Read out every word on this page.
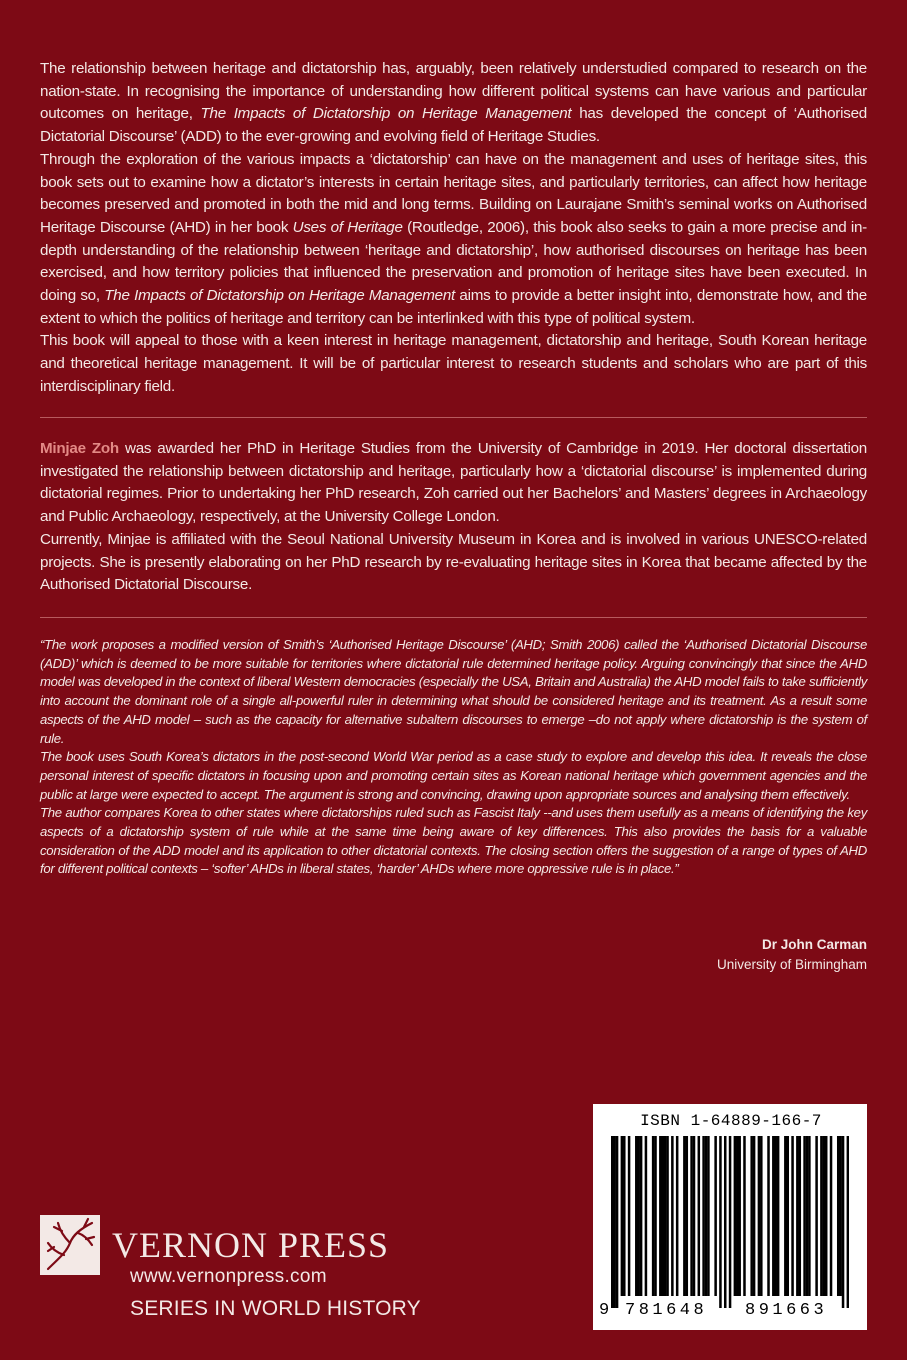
The relationship between heritage and dictatorship has, arguably, been relatively understudied compared to research on the nation-state. In recognising the importance of understanding how different political systems can have various and particular outcomes on heritage, The Impacts of Dictatorship on Heritage Management has developed the concept of ‘Authorised Dictatorial Discourse’ (ADD) to the ever-growing and evolving field of Heritage Studies.

Through the exploration of the various impacts a ‘dictatorship’ can have on the management and uses of heritage sites, this book sets out to examine how a dictator’s interests in certain heritage sites, and particularly territories, can affect how heritage becomes preserved and promoted in both the mid and long terms. Building on Laurajane Smith’s seminal works on Authorised Heritage Discourse (AHD) in her book Uses of Heritage (Routledge, 2006), this book also seeks to gain a more precise and in-depth understanding of the relationship between ‘heritage and dictatorship’, how authorised discourses on heritage has been exercised, and how territory policies that influenced the preservation and promotion of heritage sites have been executed. In doing so, The Impacts of Dictatorship on Heritage Management aims to provide a better insight into, demonstrate how, and the extent to which the politics of heritage and territory can be interlinked with this type of political system.

This book will appeal to those with a keen interest in heritage management, dictatorship and heritage, South Korean heritage and theoretical heritage management. It will be of particular interest to research students and scholars who are part of this interdisciplinary field.

Minjae Zoh was awarded her PhD in Heritage Studies from the University of Cambridge in 2019. Her doctoral dissertation investigated the relationship between dictatorship and heritage, particularly how a ‘dictatorial discourse’ is implemented during dictatorial regimes. Prior to undertaking her PhD research, Zoh carried out her Bachelors’ and Masters’ degrees in Archaeology and Public Archaeology, respectively, at the University College London.

Currently, Minjae is affiliated with the Seoul National University Museum in Korea and is involved in various UNESCO-related projects. She is presently elaborating on her PhD research by re-evaluating heritage sites in Korea that became affected by the Authorised Dictatorial Discourse.

“The work proposes a modified version of Smith’s ‘Authorised Heritage Discourse’ (AHD; Smith 2006) called the ‘Authorised Dictatorial Discourse (ADD)’ which is deemed to be more suitable for territories where dictatorial rule determined heritage policy. Arguing convincingly that since the AHD model was developed in the context of liberal Western democracies (especially the USA, Britain and Australia) the AHD model fails to take sufficiently into account the dominant role of a single all-powerful ruler in determining what should be considered heritage and its treatment. As a result some aspects of the AHD model – such as the capacity for alternative subaltern discourses to emerge –do not apply where dictatorship is the system of rule.

The book uses South Korea’s dictators in the post-second World War period as a case study to explore and develop this idea. It reveals the close personal interest of specific dictators in focusing upon and promoting certain sites as Korean national heritage which government agencies and the public at large were expected to accept. The argument is strong and convincing, drawing upon appropriate sources and analysing them effectively.

The author compares Korea to other states where dictatorships ruled such as Fascist Italy --and uses them usefully as a means of identifying the key aspects of a dictatorship system of rule while at the same time being aware of key differences. This also provides the basis for a valuable consideration of the ADD model and its application to other dictatorial contexts. The closing section offers the suggestion of a range of types of AHD for different political contexts – ‘softer’ AHDs in liberal states, ‘harder’ AHDs where more oppressive rule is in place.”

Dr John Carman
University of Birmingham
VERNON PRESS
www.vernonpress.com
SERIES IN WORLD HISTORY
ISBN 1-64889-166-7
9 781648 891663
